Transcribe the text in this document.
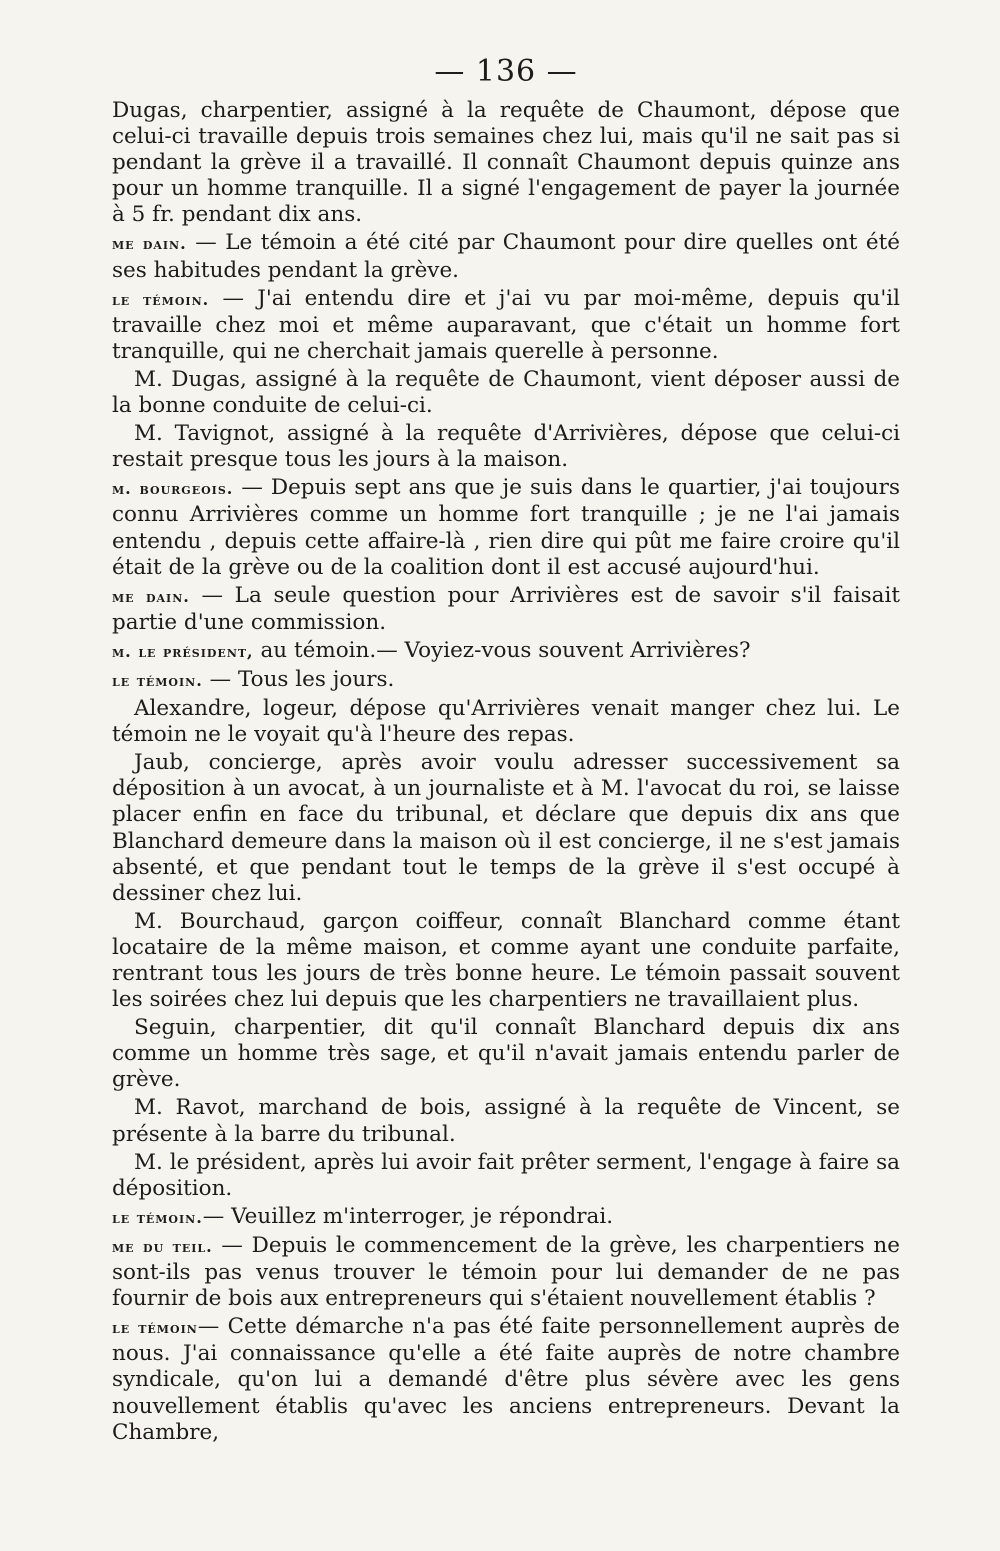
— 136 —

Dugas, charpentier, assigné à la requête de Chaumont, dépose que celui-ci travaille depuis trois semaines chez lui, mais qu'il ne sait pas si pendant la grève il a travaillé. Il connaît Chaumont depuis quinze ans pour un homme tranquille. Il a signé l'engagement de payer la journée à 5 fr. pendant dix ans.

me dain. — Le témoin a été cité par Chaumont pour dire quelles ont été ses habitudes pendant la grève.

le témoin. — J'ai entendu dire et j'ai vu par moi-même, depuis qu'il travaille chez moi et même auparavant, que c'était un homme fort tranquille, qui ne cherchait jamais querelle à personne.

M. Dugas, assigné à la requête de Chaumont, vient déposer aussi de la bonne conduite de celui-ci.

M. Tavignot, assigné à la requête d'Arrivières, dépose que celui-ci restait presque tous les jours à la maison.

m. bourgeois. — Depuis sept ans que je suis dans le quartier, j'ai toujours connu Arrivières comme un homme fort tranquille ; je ne l'ai jamais entendu , depuis cette affaire-là , rien dire qui pût me faire croire qu'il était de la grève ou de la coalition dont il est accusé aujourd'hui.

me dain. — La seule question pour Arrivières est de savoir s'il faisait partie d'une commission.

m. le président, au témoin.— Voyiez-vous souvent Arrivières?

le témoin. — Tous les jours.

Alexandre, logeur, dépose qu'Arrivières venait manger chez lui. Le témoin ne le voyait qu'à l'heure des repas.

Jaub, concierge, après avoir voulu adresser successivement sa déposition à un avocat, à un journaliste et à M. l'avocat du roi, se laisse placer enfin en face du tribunal, et déclare que depuis dix ans que Blanchard demeure dans la maison où il est concierge, il ne s'est jamais absenté, et que pendant tout le temps de la grève il s'est occupé à dessiner chez lui.

M. Bourchaud, garçon coiffeur, connaît Blanchard comme étant locataire de la même maison, et comme ayant une conduite parfaite, rentrant tous les jours de très bonne heure. Le témoin passait souvent les soirées chez lui depuis que les charpentiers ne travaillaient plus.

Seguin, charpentier, dit qu'il connaît Blanchard depuis dix ans comme un homme très sage, et qu'il n'avait jamais entendu parler de grève.

M. Ravot, marchand de bois, assigné à la requête de Vincent, se présente à la barre du tribunal.

M. le président, après lui avoir fait prêter serment, l'engage à faire sa déposition.

le témoin.— Veuillez m'interroger, je répondrai.

me du teil. — Depuis le commencement de la grève, les charpentiers ne sont-ils pas venus trouver le témoin pour lui demander de ne pas fournir de bois aux entrepreneurs qui s'étaient nouvellement établis ?

le témoin— Cette démarche n'a pas été faite personnellement auprès de nous. J'ai connaissance qu'elle a été faite auprès de notre chambre syndicale, qu'on lui a demandé d'être plus sévère avec les gens nouvellement établis qu'avec les anciens entrepreneurs. Devant la Chambre,
